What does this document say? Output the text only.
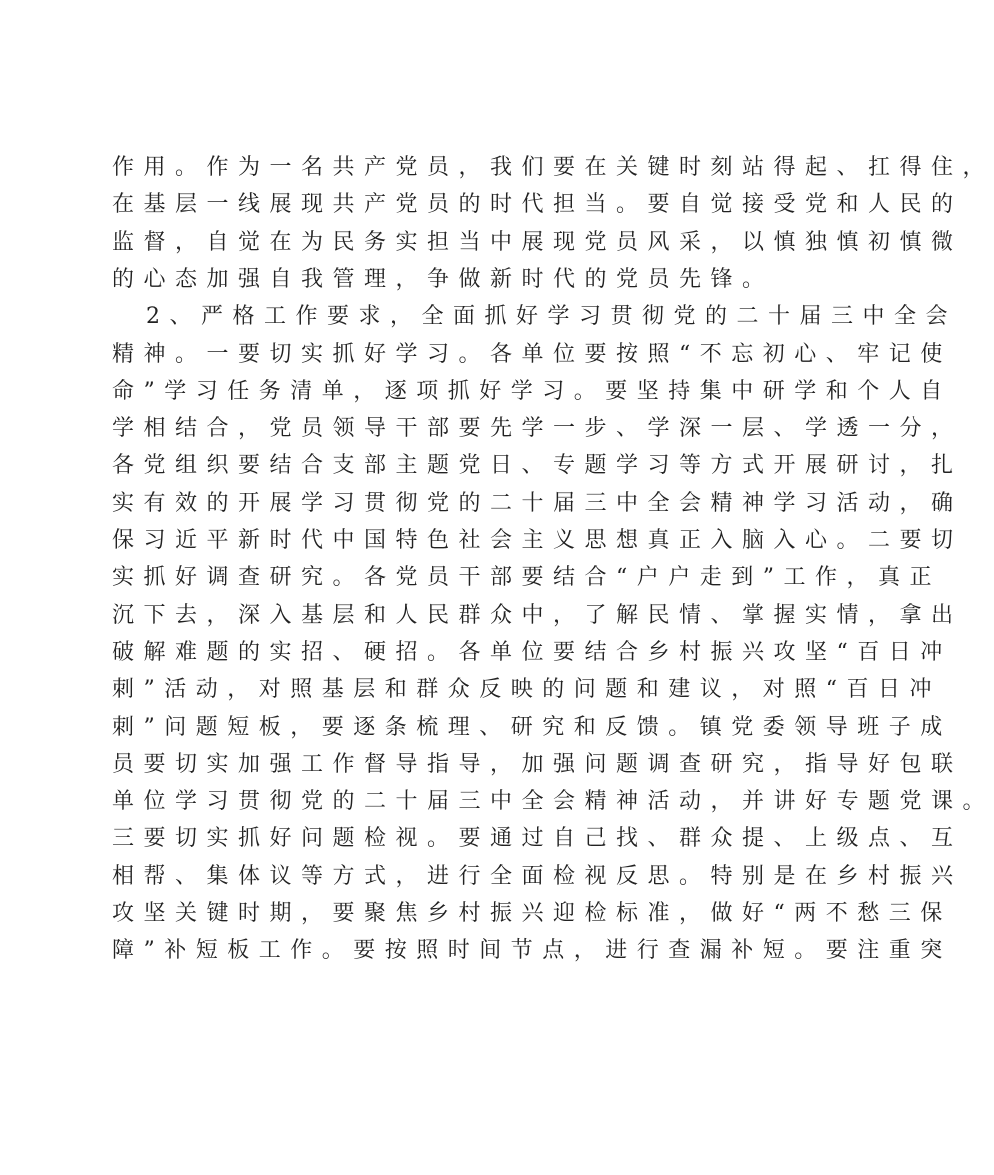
作用。作为一名共产党员，我们要在关键时刻站得起、扛得住，
在基层一线展现共产党员的时代担当。要自觉接受党和人民的
监督，自觉在为民务实担当中展现党员风采，以慎独慎初慎微
的心态加强自我管理，争做新时代的党员先锋。
2、严格工作要求，全面抓好学习贯彻党的二十届三中全会
精神。一要切实抓好学习。各单位要按照“不忘初心、牢记使
命”学习任务清单，逐项抓好学习。要坚持集中研学和个人自
学相结合，党员领导干部要先学一步、学深一层、学透一分，
各党组织要结合支部主题党日、专题学习等方式开展研讨，扎
实有效的开展学习贯彻党的二十届三中全会精神学习活动，确
保习近平新时代中国特色社会主义思想真正入脑入心。二要切
实抓好调查研究。各党员干部要结合“户户走到”工作，真正
沉下去，深入基层和人民群众中，了解民情、掌握实情，拿出
破解难题的实招、硬招。各单位要结合乡村振兴攻坚“百日冲
刺”活动，对照基层和群众反映的问题和建议，对照“百日冲
刺”问题短板，要逐条梳理、研究和反馈。镇党委领导班子成
员要切实加强工作督导指导，加强问题调查研究，指导好包联
单位学习贯彻党的二十届三中全会精神活动，并讲好专题党课。
三要切实抓好问题检视。要通过自己找、群众提、上级点、互
相帮、集体议等方式，进行全面检视反思。特别是在乡村振兴
攻坚关键时期，要聚焦乡村振兴迎检标准，做好“两不愁三保
障”补短板工作。要按照时间节点，进行查漏补短。要注重突
